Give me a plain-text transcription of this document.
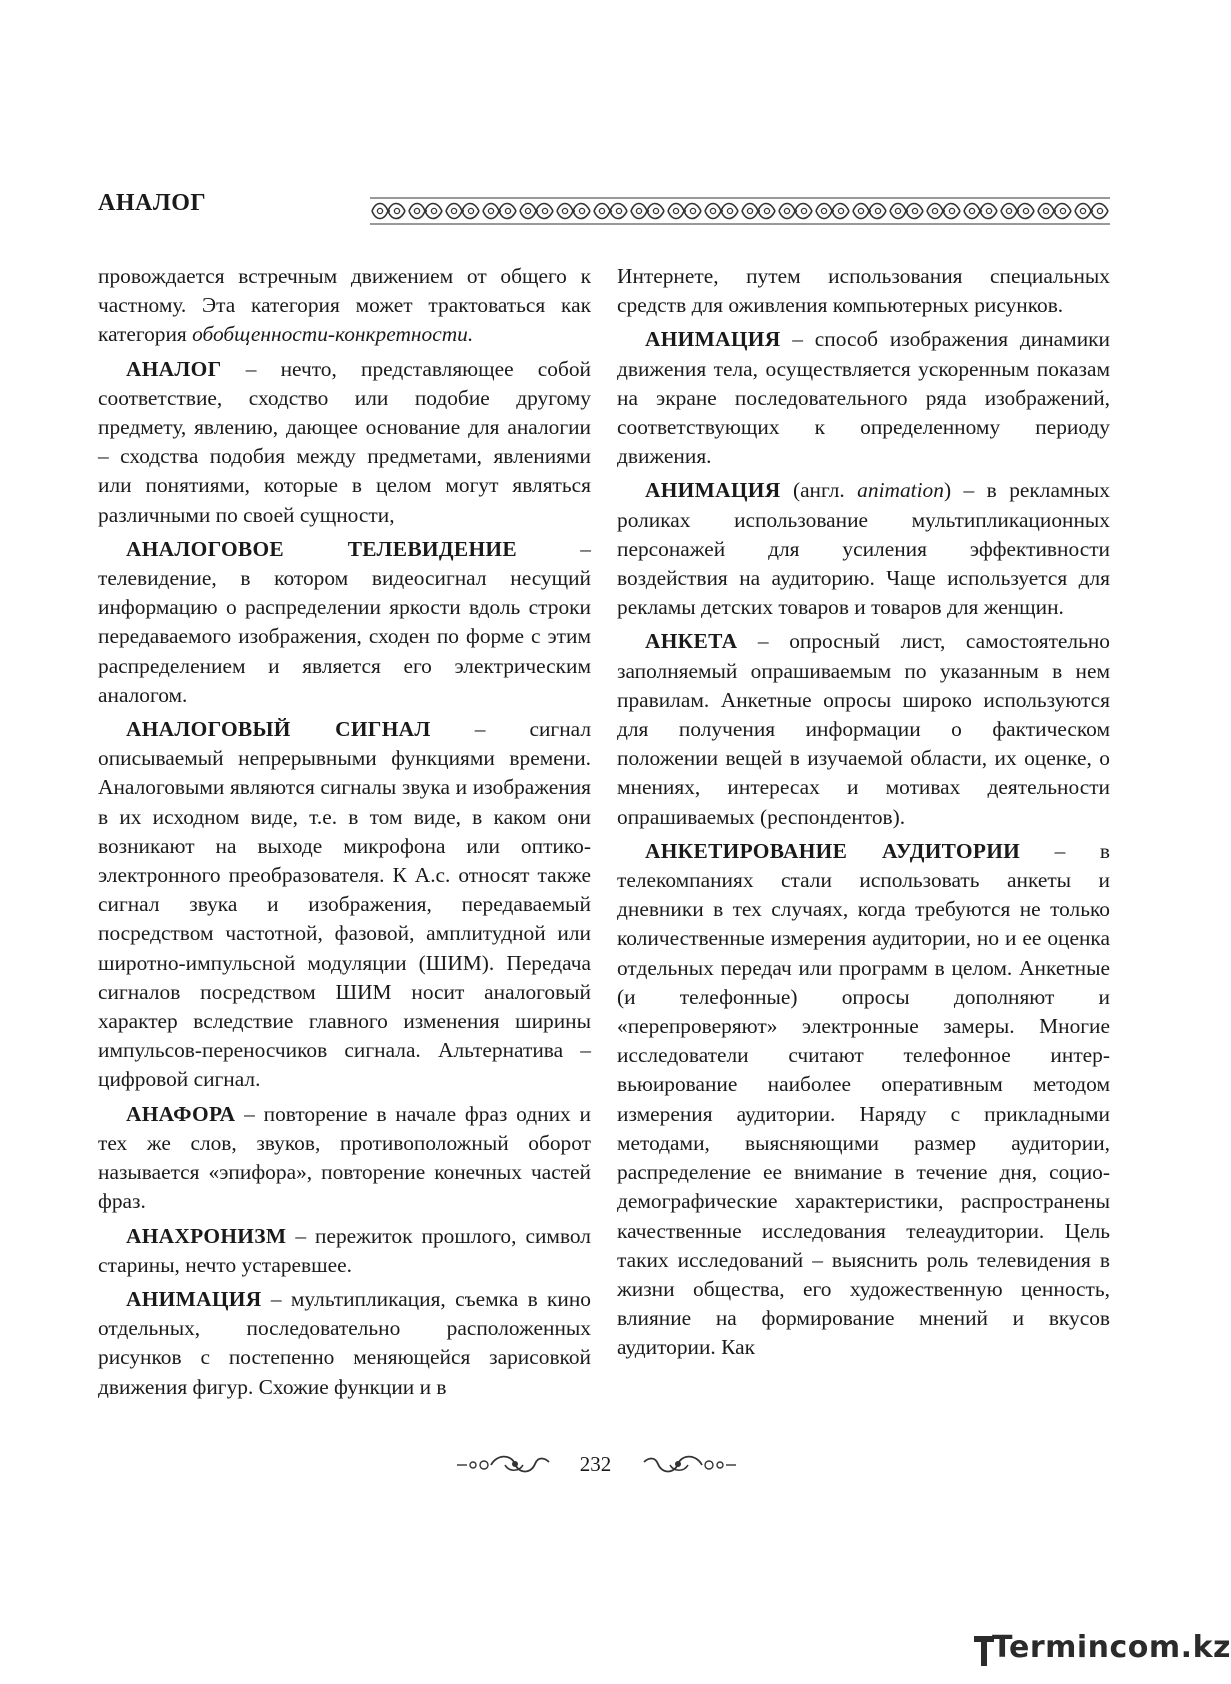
АНАЛОГ

провождается встречным движением от общего к частному. Эта категория может трактоваться как категория обобщенности-конкретности.

АНАЛОГ – нечто, представляющее собой соответствие, сходство или подобие другому предмету, явлению, дающее основание для аналогии – сходства подобия между предметами, явлениями или понятиями, которые в целом могут являться различными по своей сущности,

АНАЛОГОВОЕ ТЕЛЕВИДЕНИЕ – телевидение, в котором видеосигнал несущий информацию о распределении яркости вдоль строки передаваемого изображения, сходен по форме с этим распределением и является его электрическим аналогом.

АНАЛОГОВЫЙ СИГНАЛ – сигнал описываемый непрерывными функциями времени. Аналоговыми являются сигналы звука и изображения в их исходном виде, т.е. в том виде, в каком они возникают на выходе микрофона или оптико-электронного преобразователя. К А.с. относят также сигнал звука и изображения, передаваемый посредством частотной, фазовой, амплитудной или широтно-импульсной модуляции (ШИМ). Передача сигналов посредством ШИМ носит аналоговый характер вследствие главного изменения ширины импульсов-переносчиков сигнала. Альтернатива – цифровой сигнал.

АНАФОРА – повторение в начале фраз одних и тех же слов, звуков, противоположный оборот называется «эпифора», повторение конечных частей фраз.

АНАХРОНИЗМ – пережиток прошлого, символ старины, нечто устаревшее.

АНИМАЦИЯ – мультипликация, съемка в кино отдельных, последовательно расположенных рисунков с постепенно меняющейся зарисовкой движения фигур. Схожие функции и в

Интернете, путем использования специальных средств для оживления компьютерных рисунков.

АНИМАЦИЯ – способ изображения динамики движения тела, осуществляется ускоренным показам на экране последовательного ряда изображений, соответствующих к определенному периоду движения.

АНИМАЦИЯ (англ. animation) – в рекламных роликах использование мультипликационных персонажей для усиления эффективности воздействия на аудиторию. Чаще используется для рекламы детских товаров и товаров для женщин.

АНКЕТА – опросный лист, самостоятельно заполняемый опрашиваемым по указанным в нем правилам. Анкетные опросы широко используются для получения информации о фактическом положении вещей в изучаемой области, их оценке, о мнениях, интересах и мотивах деятельности опрашиваемых (респондентов).

АНКЕТИРОВАНИЕ АУДИТОРИИ – в телекомпаниях стали использовать анкеты и дневники в тех случаях, когда требуются не только количественные измерения аудитории, но и ее оценка отдельных передач или программ в целом. Анкетные (и телефонные) опросы дополняют и «перепроверяют» электронные замеры. Многие исследователи считают телефонное интер-вьюирование наиболее оперативным методом измерения аудитории. Наряду с прикладными методами, выясняющими размер аудитории, распределение ее внимание в течение дня, социо-демографические характеристики, распространены качественные исследования телеаудитории. Цель таких исследований – выяснить роль телевидения в жизни общества, его художественную ценность, влияние на формирование мнений и вкусов аудитории. Как

232
Termincom.kz
